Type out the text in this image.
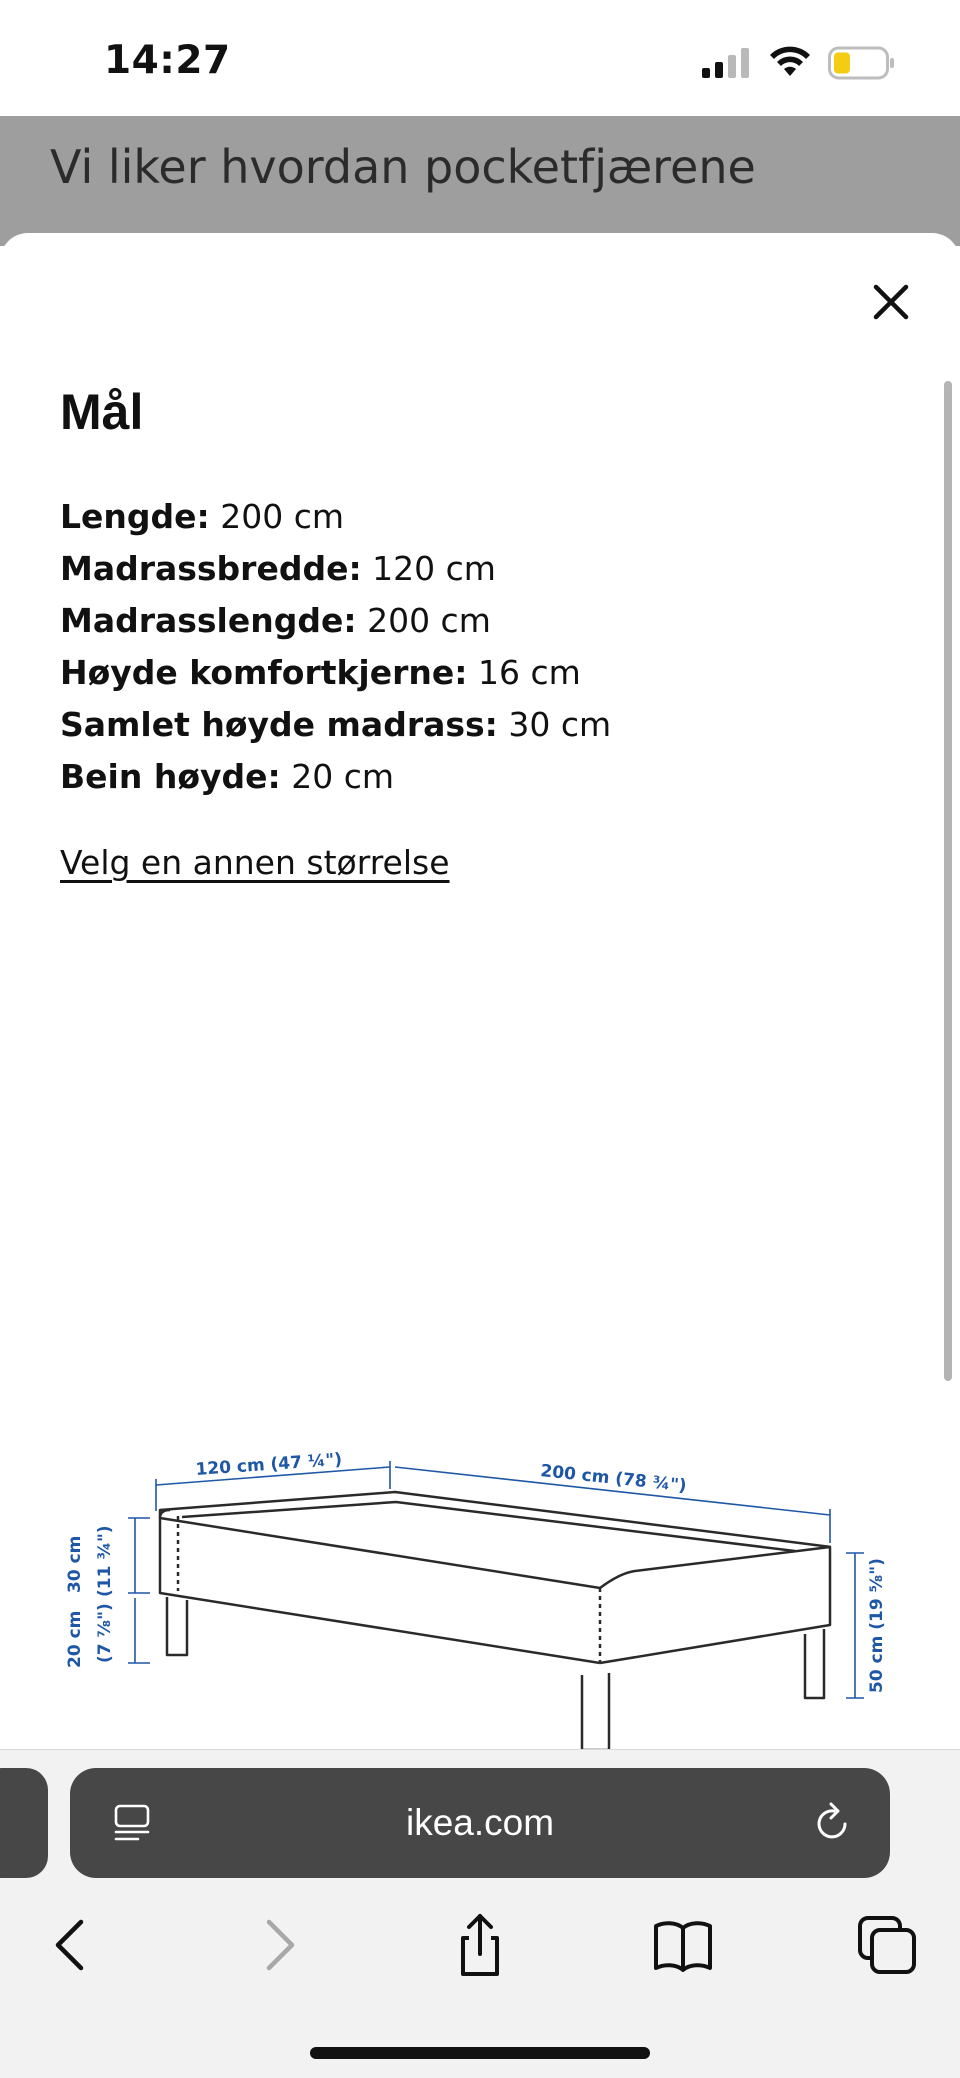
14:27
Vi liker hvordan pocketfjærene
Mål
Lengde: 200 cm
Madrassbredde: 120 cm
Madrasslengde: 200 cm
Høyde komfortkjerne: 16 cm
Samlet høyde madrass: 30 cm
Bein høyde: 20 cm
Velg en annen størrelse
120 cm (47 ¼")	200 cm (78 ¾")
30 cm (11 ¾")
20 cm (7 ⅞")	50 cm (19 ⅝")
ikea.com
